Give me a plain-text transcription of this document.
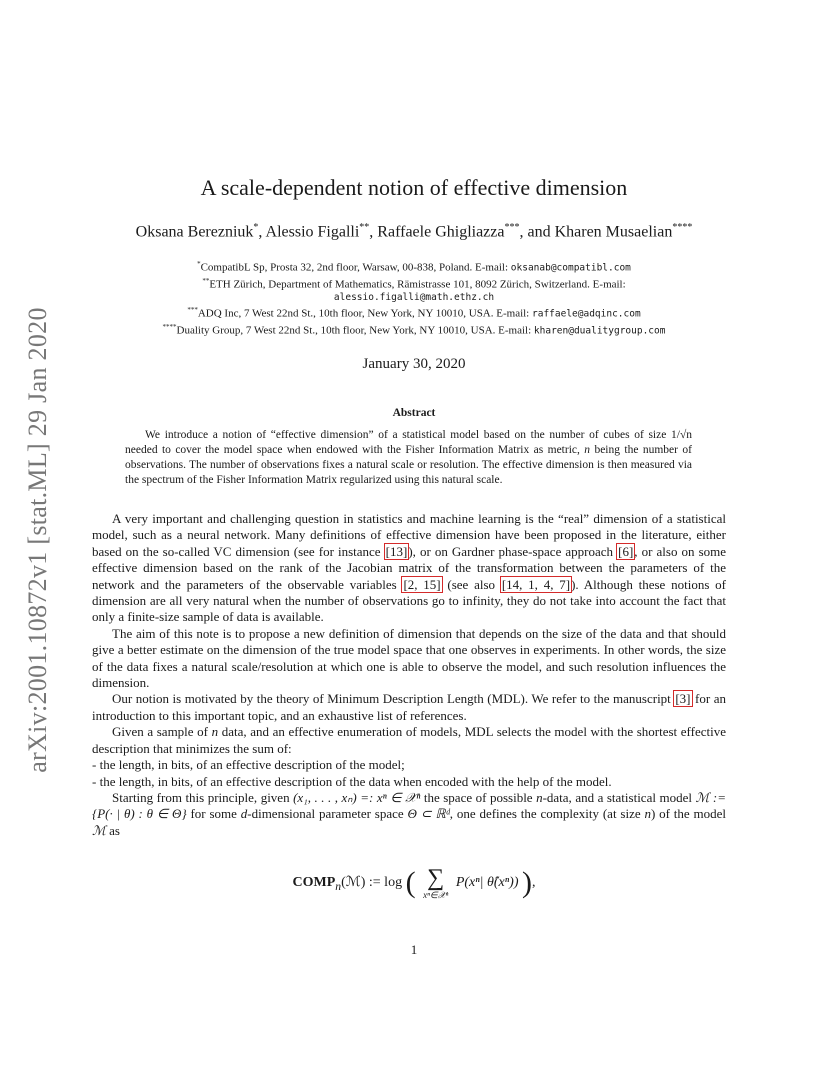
arXiv:2001.10872v1 [stat.ML] 29 Jan 2020
A scale-dependent notion of effective dimension
Oksana Berezniuk*, Alessio Figalli**, Raffaele Ghigliazza***, and Kharen Musaelian****
*CompatibL Sp, Prosta 32, 2nd floor, Warsaw, 00-838, Poland. E-mail: oksanab@compatibl.com
**ETH Zürich, Department of Mathematics, Rämistrasse 101, 8092 Zürich, Switzerland. E-mail:
alessio.figalli@math.ethz.ch
***ADQ Inc, 7 West 22nd St., 10th floor, New York, NY 10010, USA. E-mail: raffaele@adqinc.com
****Duality Group, 7 West 22nd St., 10th floor, New York, NY 10010, USA. E-mail: kharen@dualitygroup.com
January 30, 2020
Abstract

We introduce a notion of “effective dimension” of a statistical model based on the number of cubes of size 1/√n needed to cover the model space when endowed with the Fisher Information Matrix as metric, n being the number of observations. The number of observations fixes a natural scale or resolution. The effective dimension is then measured via the spectrum of the Fisher Information Matrix regularized using this natural scale.

A very important and challenging question in statistics and machine learning is the “real” dimension of a statistical model, such as a neural network. Many definitions of effective dimension have been proposed in the literature, either based on the so-called VC dimension (see for instance [13]), or on Gardner phase-space approach [6], or also on some effective dimension based on the rank of the Jacobian matrix of the transformation between the parameters of the network and the parameters of the observable variables [2, 15] (see also [14, 1, 4, 7]). Although these notions of dimension are all very natural when the number of observations go to infinity, they do not take into account the fact that only a finite-size sample of data is available.

The aim of this note is to propose a new definition of dimension that depends on the size of the data and that should give a better estimate on the dimension of the true model space that one observes in experiments. In other words, the size of the data fixes a natural scale/resolution at which one is able to observe the model, and such resolution influences the dimension.

Our notion is motivated by the theory of Minimum Description Length (MDL). We refer to the manuscript [3] for an introduction to this important topic, and an exhaustive list of references.

Given a sample of n data, and an effective enumeration of models, MDL selects the model with the shortest effective description that minimizes the sum of:

- the length, in bits, of an effective description of the model;

- the length, in bits, of an effective description of the data when encoded with the help of the model.

Starting from this principle, given (x₁, . . . , xₙ) =: xⁿ ∈ 𝒳ⁿ the space of possible n-data, and a statistical model ℳ := {P(· | θ) : θ ∈ Θ} for some d-dimensional parameter space Θ ⊂ ℝᵈ, one defines the complexity (at size n) of the model ℳ as

$COMP_n(ℳ)$ := log ( ∑
xⁿ∈𝒳ⁿ
P(xⁿ| θ̂(xⁿ)) ),
1
